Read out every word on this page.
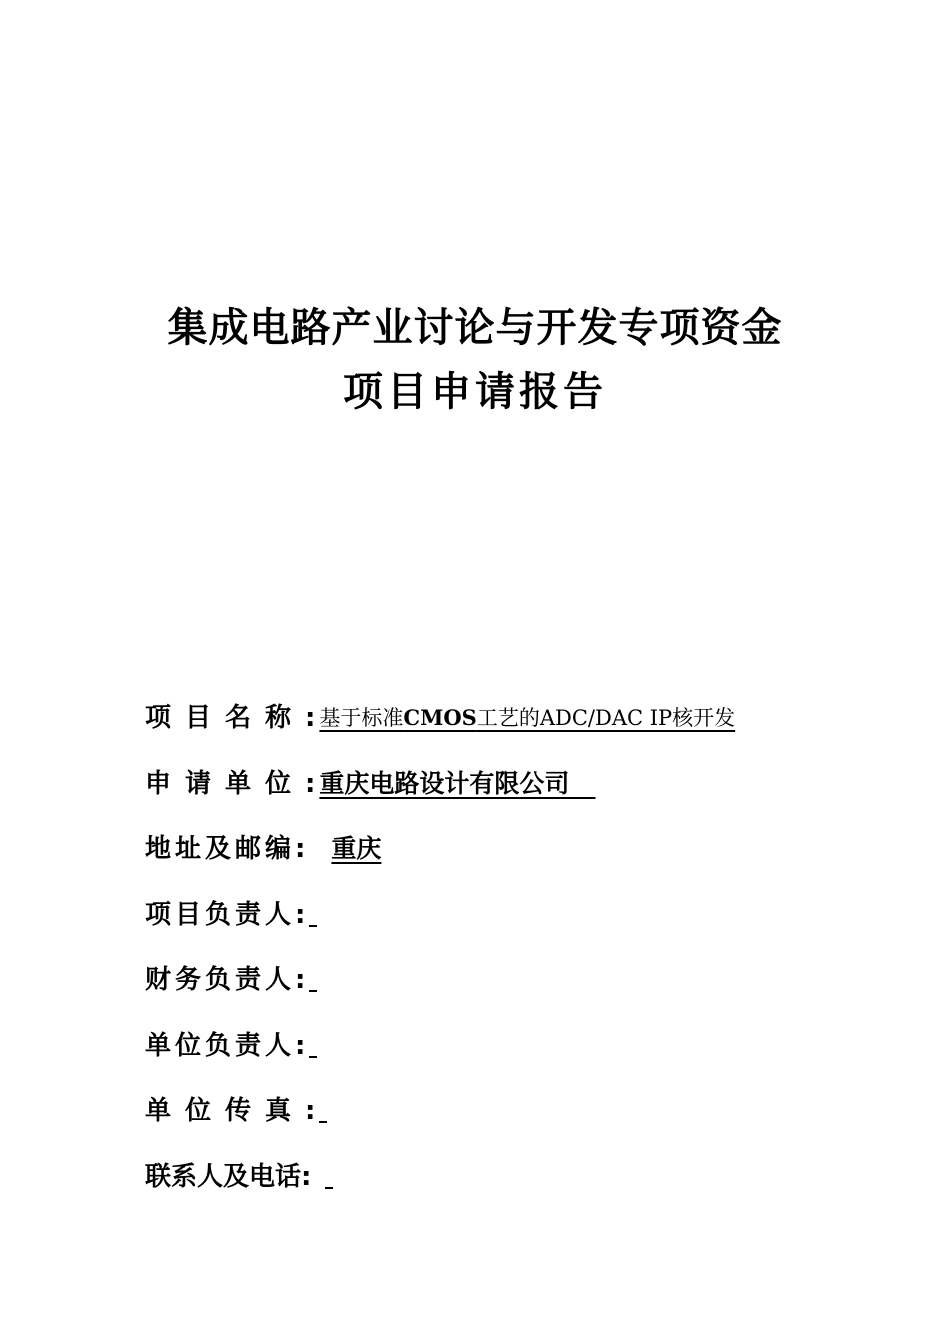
集成电路产业讨论与开发专项资金
项目申请报告
项目名称 : 基于标准CMOS工艺的ADC/DAC IP核开发
申请单位 : 重庆电路设计有限公司
地址及邮编 : 重庆
项目负责人 :
财务负责人 :
单位负责人 :
单位传真 :
联系人及电话 :
